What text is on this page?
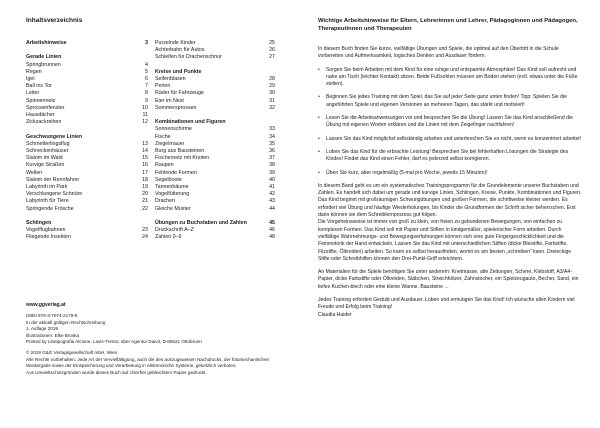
Inhaltsverzeichnis
Arbeitshinweise	3
Gerade Linien
Springbrunnen	4
Regen	5
Igel	6
Ball ins Tor	7
Leiter	8
Spinnennetz	9
Sprossenfenster	10
Hausdächer	11
Zickzackreihen	12
Geschwungene Linien
Schmetterlingsflug	13
Schneckenhäuser	14
Slalom im Wald	15
Kurvige Straßen	16
Wellen	17
Slalom der Rennfahrer	18
Labyrinth im Park	19
Verschlungene Schnüre	20
Labyrinth für Tiere	21
Springende Frösche	22
Schlingen
Vogelflugbahnen	23
Fliegende Insekten	24
Purzelnde Kinder	25
Achterbahn für Autos	26
Schleifen für Drachenschnur	27
Kreise und Punkte
Seifenblasen	28
Perlen	29
Räder für Fahrzeuge	30
Eier im Nest	31
Sommersprossen	32
Kombinationen und Figuren
Sonnenschirme	33
Fische	34
Ziegelmauer	35
Burg aus Bausteinen	36
Fischernetz mit Knoten	37
Raupen	38
Fehlende Formen	39
Segelboote	40
Tannenbäume	41
Vogelfütterung	42
Drachen	43
Gleiche Muster	44
Übungen zu Buchstaben und Zahlen	45
Druckschrift A–Z	46
Zahlen 0–9	48
www.ggverlag.at
ISBN 978-3-7074-2179-8
In der aktuell gültigen Rechtschreibung
1. Auflage 2019
Illustrationen: Elke Broska
Printed by Litotipografia Alcione, Lavis-Trento; über Agentur Daivit, D-85521 Ottobrunn
© 2019 G&G Verlagsgesellschaft mbH, Wien
Alle Rechte vorbehalten. Jede Art der Vervielfältigung, auch die des auszugsweisen Nachdrucks, der fotomechanischen Wiedergabe sowie der Einspeicherung und Verarbeitung in elektronische Systeme, gesetzlich verboten.
Aus Umweltschutzgründen wurde dieses Buch auf chlorfrei gebleichtem Papier gedruckt.
Wichtige Arbeitshinweise für Eltern, Lehrerinnen und Lehrer, Pädagoginnen und Pädagogen, Therapeutinnen und Therapeuten

In diesem Buch finden Sie kurze, vielfältige Übungen und Spiele, die optimal auf den Übertritt in die Schule vorbereiten und Aufmerksamkeit, logisches Denken und Ausdauer fördern.

•	Sorgen Sie beim Arbeiten mit dem Kind für eine ruhige und entspannte Atmosphäre! Das Kind soll aufrecht und nahe am Tisch (leichter Kontakt) sitzen. Beide Fußsohlen müssen am Boden stehen (evtl. etwas unter die Füße stellen).
•	Beginnen Sie jedes Training mit dem Spiel, das Sie auf jeder Seite ganz unten finden! Tipp: Spielen Sie die angeführten Spiele und eigenen Versionen an mehreren Tagen, das stärkt und motiviert!
•	Lesen Sie die Arbeitsanweisungen vor und besprechen Sie die Übung! Lassen Sie das Kind anschließend die Übung mit eigenen Worten erklären und die Linien mit dem Zeigefinger nachfahren!
•	Lassen Sie das Kind möglichst selbständig arbeiten und unterbrechen Sie es nicht, wenn es konzentriert arbeitet!
•	Loben Sie das Kind für die erbrachte Leistung! Besprechen Sie bei fehlerhaften Lösungen die Strategie des Kindes! Findet das Kind einen Fehler, darf es jederzeit selbst korrigieren.
•	Üben Sie kurz, aber regelmäßig (5-mal pro Woche, jeweils 15 Minuten)!

In diesem Band geht es um ein systematisches Trainingsprogramm für die Grundelemente unserer Buchstaben und Zahlen. Es handelt sich dabei um gerade und kurvige Linien, Schlingen, Kreise, Punkte, Kombinationen und Figuren. Das Kind beginnt mit großräumigen Schwungübungen und großen Formen, die schrittweise kleiner werden. Es erfordert viel Übung und häufige Wiederholungen, bis Kinder die Grundformen der Schrift sicher beherrschen. Erst dann können sie dem Schreiblernprozess gut folgen.

Die Vorgeheinsweise ist immer von groß zu klein, von freien zu gebundenen Bewegungen, von einfachen zu komplexen Formen. Das Kind soll mit Papier und Stiften in kindgemäßer, spielerischer Form arbeiten. Durch vielfältige Wahrnehmungs- und Bewegungserfahrungen können sich eine gute Fingergeschicklichkeit und die Feinmotorik der Hand entwickeln. Lassen Sie das Kind mit unterschiedlichen Stiften (dicke Bleistifte, Farbstifte, Filzstifte, Ölkreiden) arbeiten. So kann es selbst herausfinden, womit es am besten „schreiben“ kann. Dreieckige Stifte oder Schreibhilfen können den Drei-Punkt-Griff erleichtern.

An Materialien für die Spiele benötigen Sie unter anderem: Knetmasse, alte Zeitungen, Schere, Klebstoff, A3/A4-Papier, dicke Farbstifte oder Ölkreiden, Stäbchen, Streichhölzer, Zahnstocher, ein Spielzeugauto, Becher, Sand, ein tiefes Kuchen-blech oder eine kleine Wanne, Bausteine ...

Jedes Training erfordert Geduld und Ausdauer. Loben und ermutigen Sie das Kind! Ich wünsche allen Kindern viel Freude und Erfolg beim Training!

Claudia Haider
